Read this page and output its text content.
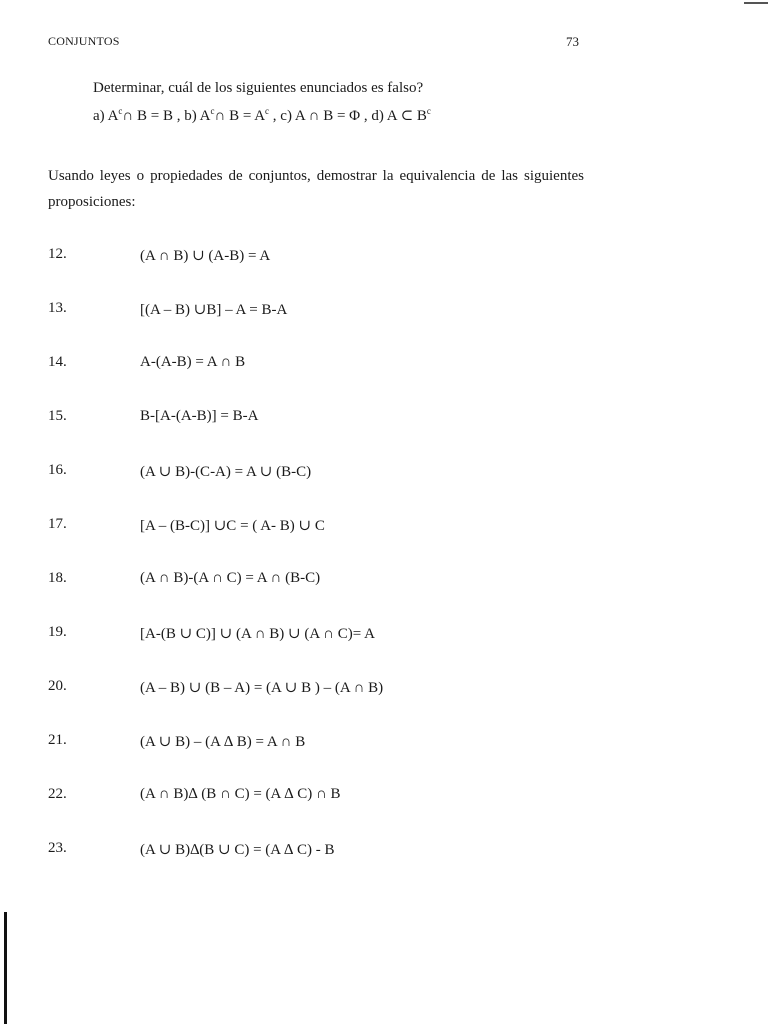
CONJUNTOS	73
Determinar, cuál de los siguientes enunciados es falso?
a) $A^c\cap$ B = B , b) $A^c\cap$ $B = A^c$ , c) A ∩ B = Φ , d) A ⊂ $B^c$
Usando leyes o propiedades de conjuntos, demostrar la equivalencia de las siguientes proposiciones:
12.	(A ∩ B) ∪ (A-B) = A
13.	[(A – B) ∪B] – A = B-A
14.	A-(A-B) = A ∩ B
15.	B-[A-(A-B)] = B-A
16.	(A ∪ B)-(C-A) = A ∪ (B-C)
17.	[A – (B-C)] ∪C = ( A- B) ∪ C
18.	(A ∩ B)-(A ∩ C) = A ∩ (B-C)
19.	[A-(B ∪ C)] ∪ (A ∩ B) ∪ (A ∩ C)= A
20.	(A – B) ∪ (B – A) = (A ∪ B ) – (A ∩ B)
21.	(A ∪ B) – (A ∆ B) = A ∩ B
22.	(A ∩ B)∆ (B ∩ C) = (A ∆ C) ∩ B
23.	(A ∪ B)∆(B ∪ C) = (A ∆ C) - B
